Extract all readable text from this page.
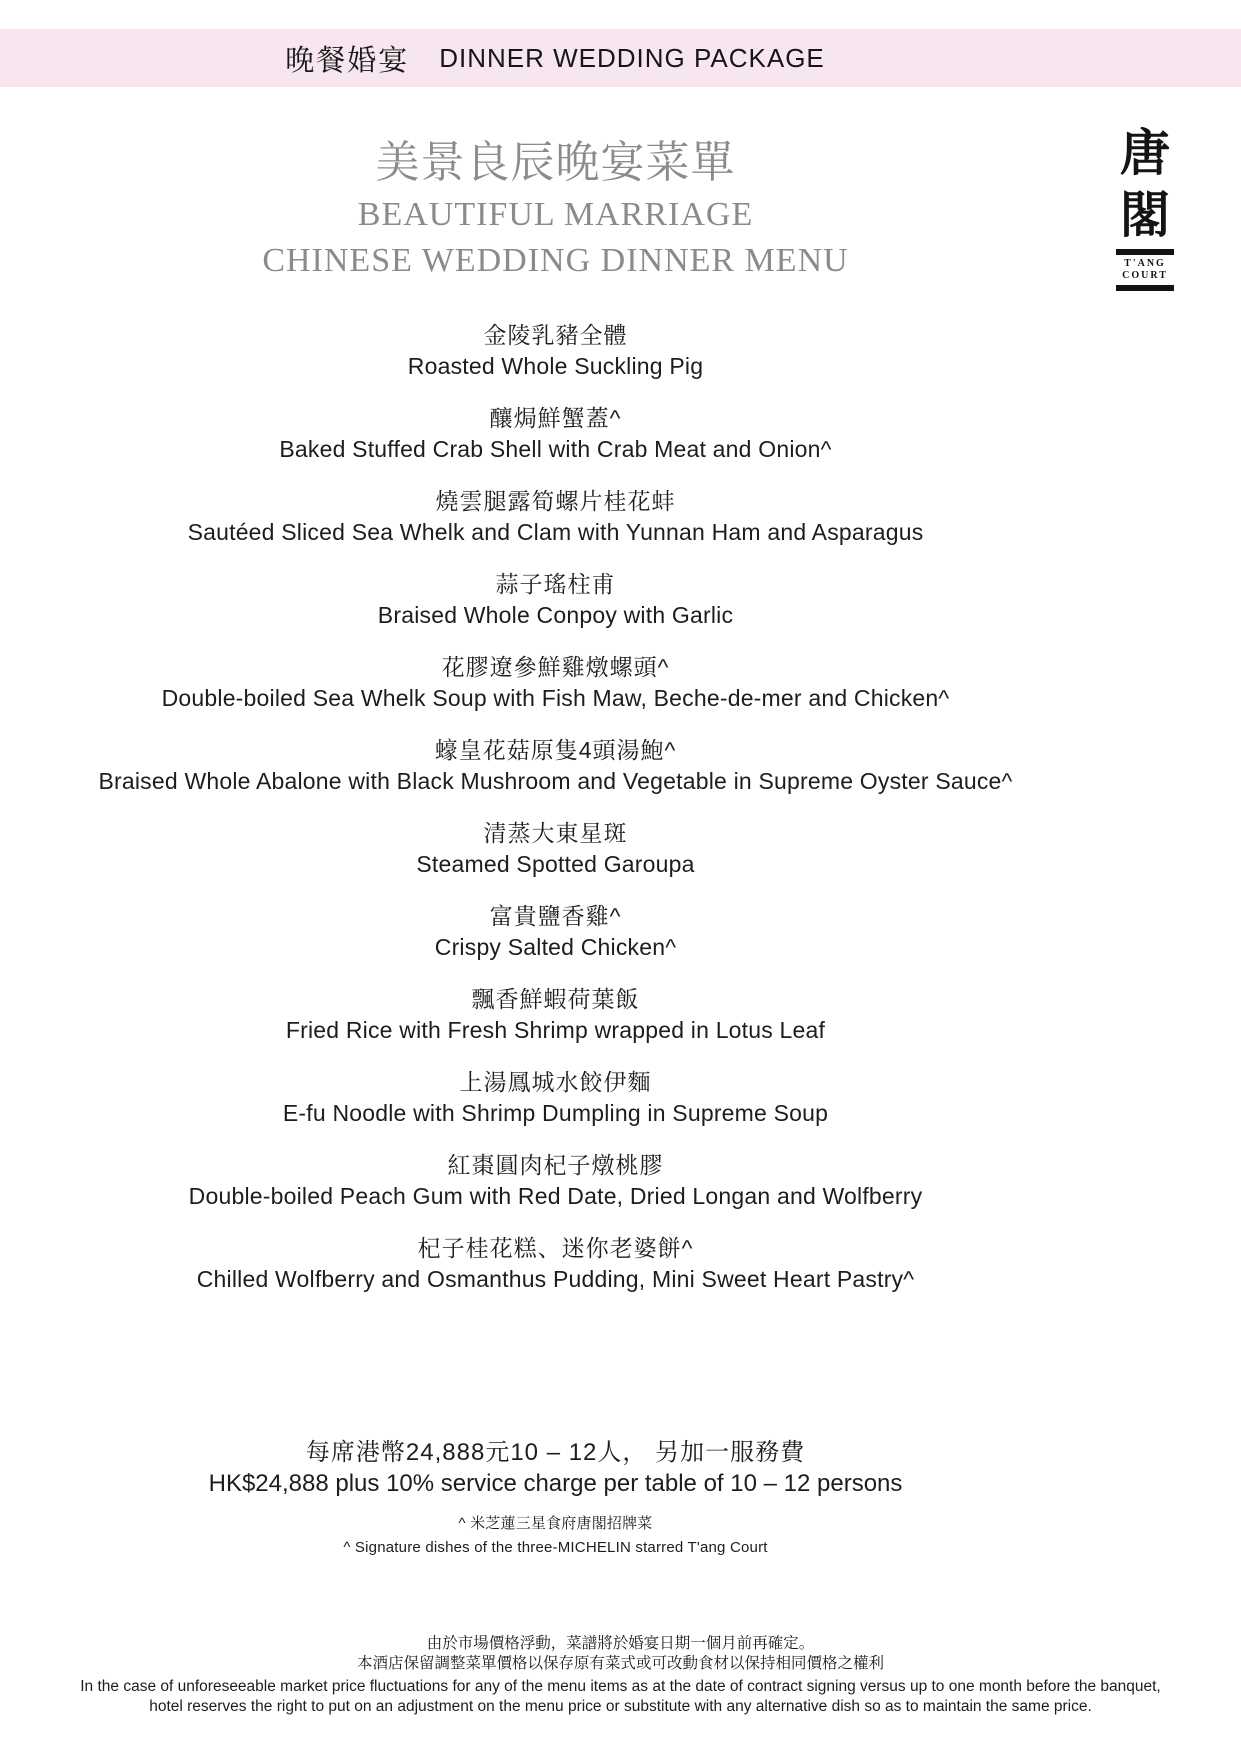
晚餐婚宴 DINNER WEDDING PACKAGE
唐
閣
T'ANG
COURT
美景良辰晚宴菜單
BEAUTIFUL MARRIAGE
CHINESE WEDDING DINNER MENU
金陵乳豬全體
Roasted Whole Suckling Pig
釀焗鮮蟹蓋^
Baked Stuffed Crab Shell with Crab Meat and Onion^
燒雲腿露筍螺片桂花蚌
Sautéed Sliced Sea Whelk and Clam with Yunnan Ham and Asparagus
蒜子瑤柱甫
Braised Whole Conpoy with Garlic
花膠遼參鮮雞燉螺頭^
Double-boiled Sea Whelk Soup with Fish Maw, Beche-de-mer and Chicken^
蠔皇花菇原隻4頭湯鮑^
Braised Whole Abalone with Black Mushroom and Vegetable in Supreme Oyster Sauce^
清蒸大東星斑
Steamed Spotted Garoupa
富貴鹽香雞^
Crispy Salted Chicken^
飄香鮮蝦荷葉飯
Fried Rice with Fresh Shrimp wrapped in Lotus Leaf
上湯鳳城水餃伊麵
E-fu Noodle with Shrimp Dumpling in Supreme Soup
紅棗圓肉杞子燉桃膠
Double-boiled Peach Gum with Red Date, Dried Longan and Wolfberry
杞子桂花糕、迷你老婆餅^
Chilled Wolfberry and Osmanthus Pudding, Mini Sweet Heart Pastry^
每席港幣24,888元10 – 12人， 另加一服務費
HK$24,888 plus 10% service charge per table of 10 – 12 persons
^ 米芝蓮三星食府唐閣招牌菜
^ Signature dishes of the three-MICHELIN starred T'ang Court
由於市場價格浮動，菜譜將於婚宴日期一個月前再確定。
本酒店保留調整菜單價格以保存原有菜式或可改動食材以保持相同價格之權利
In the case of unforeseeable market price fluctuations for any of the menu items as at the date of contract signing versus up to one month before the banquet,
hotel reserves the right to put on an adjustment on the menu price or substitute with any alternative dish so as to maintain the same price.
